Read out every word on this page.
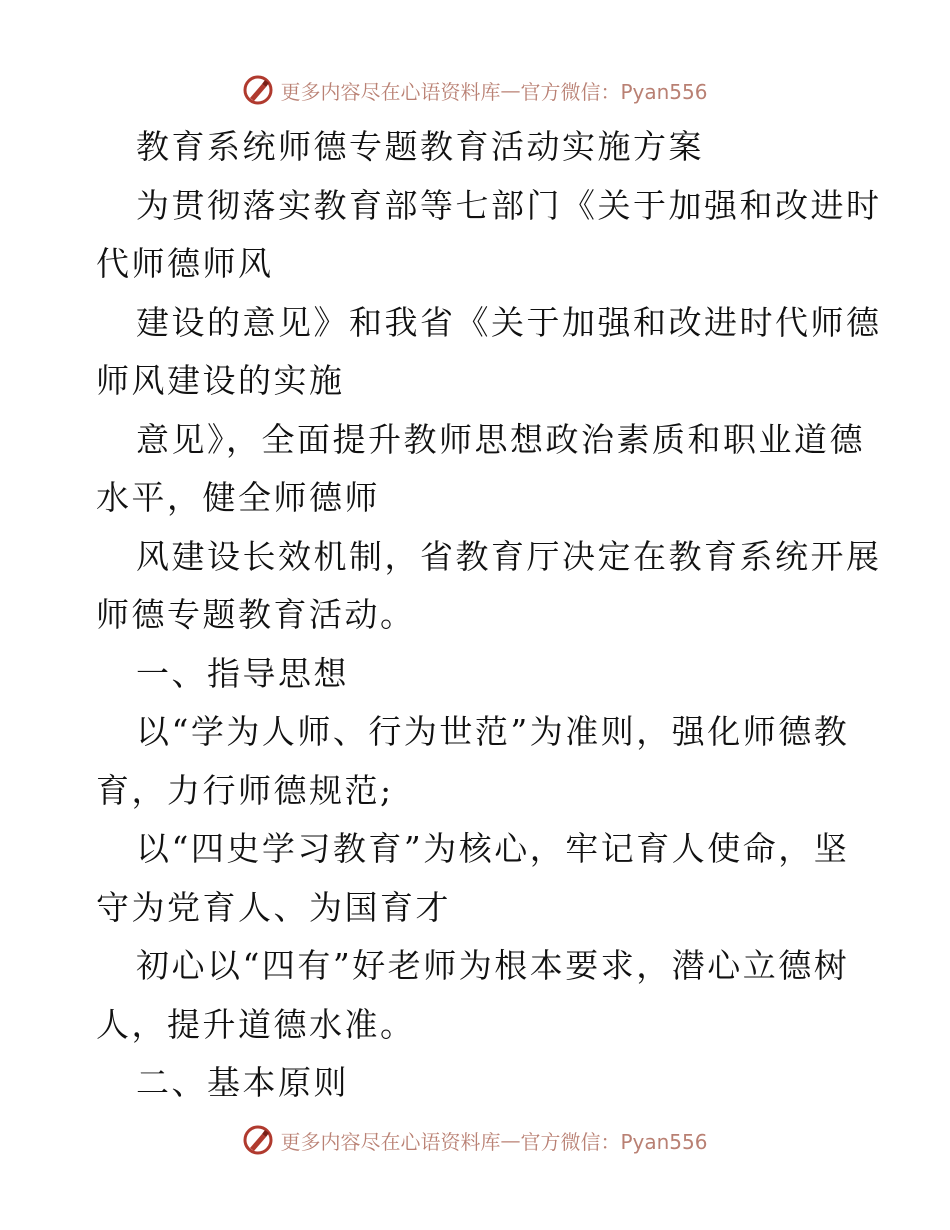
更多内容尽在心语资料库 — 官方微信：Pyan556
教育系统师德专题教育活动实施方案
为贯彻落实教育部等七部门《关于加强和改进时
代师德师风
建设的意见》和我省《关于加强和改进时代师德
师风建设的实施
意见》，全面提升教师思想政治素质和职业道德
水平，健全师德师
风建设长效机制，省教育厅决定在教育系统开展
师德专题教育活动。
一、指导思想
以“学为人师、行为世范”为准则，强化师德教
育，力行师德规范;
以“四史学习教育”为核心，牢记育人使命，坚
守为党育人、为国育才
初心以“四有”好老师为根本要求，潜心立德树
人，提升道德水准。
二、基本原则
更多内容尽在心语资料库 — 官方微信：Pyan556
